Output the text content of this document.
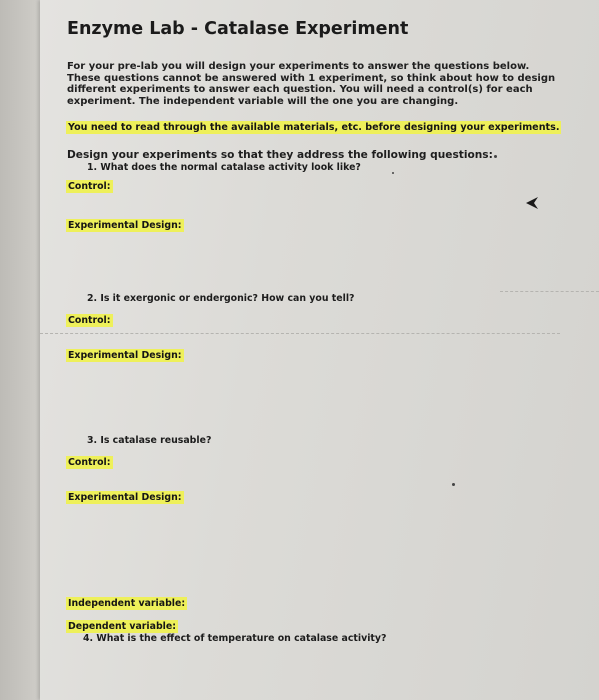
Enzyme Lab - Catalase Experiment
For your pre-lab you will design your experiments to answer the questions below.
These questions cannot be answered with 1 experiment, so think about how to design
different experiments to answer each question. You will need a control(s) for each
experiment. The independent variable will the one you are changing.
You need to read through the available materials, etc. before designing your experiments.
Design your experiments so that they address the following questions:
1. What does the normal catalase activity look like?
Control:
Experimental Design:
2. Is it exergonic or endergonic? How can you tell?
Control:
Experimental Design:
3. Is catalase reusable?
Control:
Experimental Design:
Independent variable:
Dependent variable:
4. What is the effect of temperature on catalase activity?
